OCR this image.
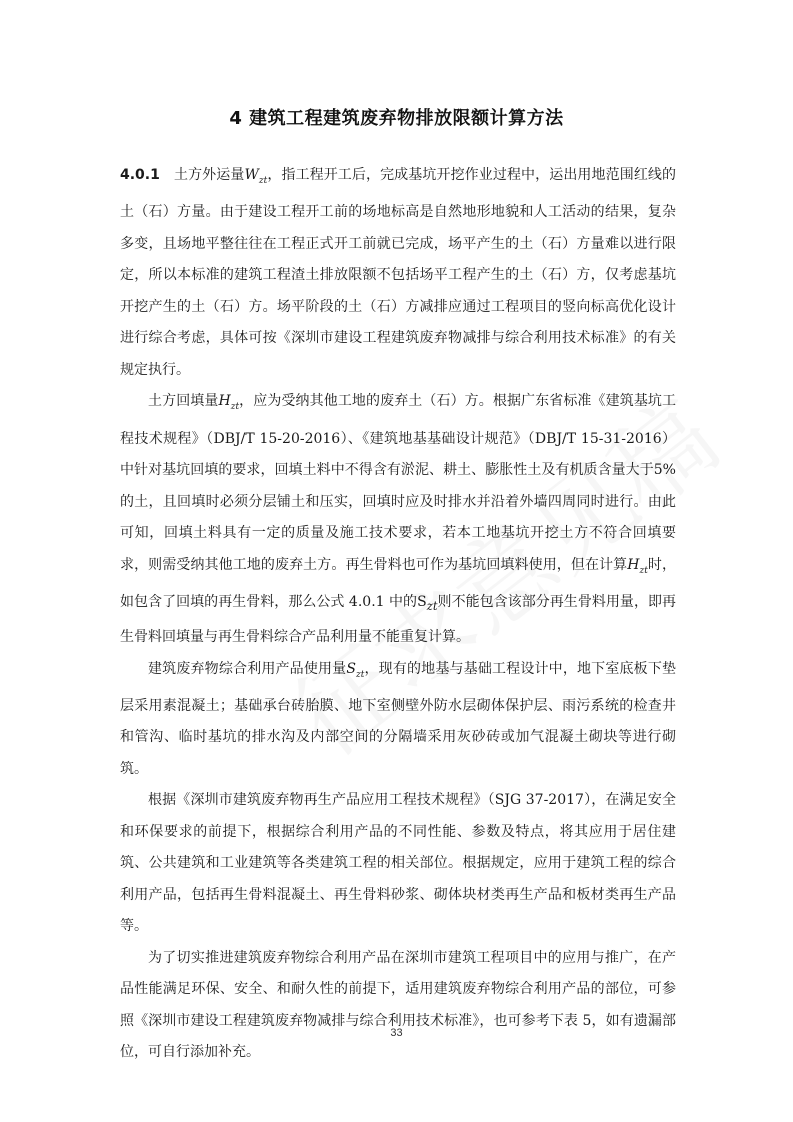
4 建筑工程建筑废弃物排放限额计算方法

4.0.1 土方外运量$W_{zt}$，指工程开工后，完成基坑开挖作业过程中，运出用地范围红线的土（石）方量。由于建设工程开工前的场地标高是自然地形地貌和人工活动的结果，复杂多变，且场地平整往往在工程正式开工前就已完成，场平产生的土（石）方量难以进行限定，所以本标准的建筑工程渣土排放限额不包括场平工程产生的土（石）方，仅考虑基坑开挖产生的土（石）方。场平阶段的土（石）方减排应通过工程项目的竖向标高优化设计进行综合考虑，具体可按《深圳市建设工程建筑废弃物减排与综合利用技术标准》的有关规定执行。

土方回填量$H_{zt}$，应为受纳其他工地的废弃土（石）方。根据广东省标准《建筑基坑工程技术规程》（DBJ/T 15-20-2016）、《建筑地基基础设计规范》（DBJ/T 15-31-2016）中针对基坑回填的要求，回填土料中不得含有淤泥、耕土、膨胀性土及有机质含量大于5%的土，且回填时必须分层铺土和压实，回填时应及时排水并沿着外墙四周同时进行。由此可知，回填土料具有一定的质量及施工技术要求，若本工地基坑开挖土方不符合回填要求，则需受纳其他工地的废弃土方。再生骨料也可作为基坑回填料使用，但在计算$H_{zt}$时，如包含了回填的再生骨料，那么公式 4.0.1 中的$S_{zt}$则不能包含该部分再生骨料用量，即再生骨料回填量与再生骨料综合产品利用量不能重复计算。

建筑废弃物综合利用产品使用量$S_{zt}$，现有的地基与基础工程设计中，地下室底板下垫层采用素混凝土；基础承台砖胎膜、地下室侧壁外防水层砌体保护层、雨污系统的检查井和管沟、临时基坑的排水沟及内部空间的分隔墙采用灰砂砖或加气混凝土砌块等进行砌筑。

根据《深圳市建筑废弃物再生产品应用工程技术规程》（SJG 37-2017），在满足安全和环保要求的前提下，根据综合利用产品的不同性能、参数及特点，将其应用于居住建筑、公共建筑和工业建筑等各类建筑工程的相关部位。根据规定，应用于建筑工程的综合利用产品，包括再生骨料混凝土、再生骨料砂浆、砌体块材类再生产品和板材类再生产品等。

为了切实推进建筑废弃物综合利用产品在深圳市建筑工程项目中的应用与推广，在产品性能满足环保、安全、和耐久性的前提下，适用建筑废弃物综合利用产品的部位，可参照《深圳市建设工程建筑废弃物减排与综合利用技术标准》，也可参考下表 5，如有遗漏部位，可自行添加补充。

33
